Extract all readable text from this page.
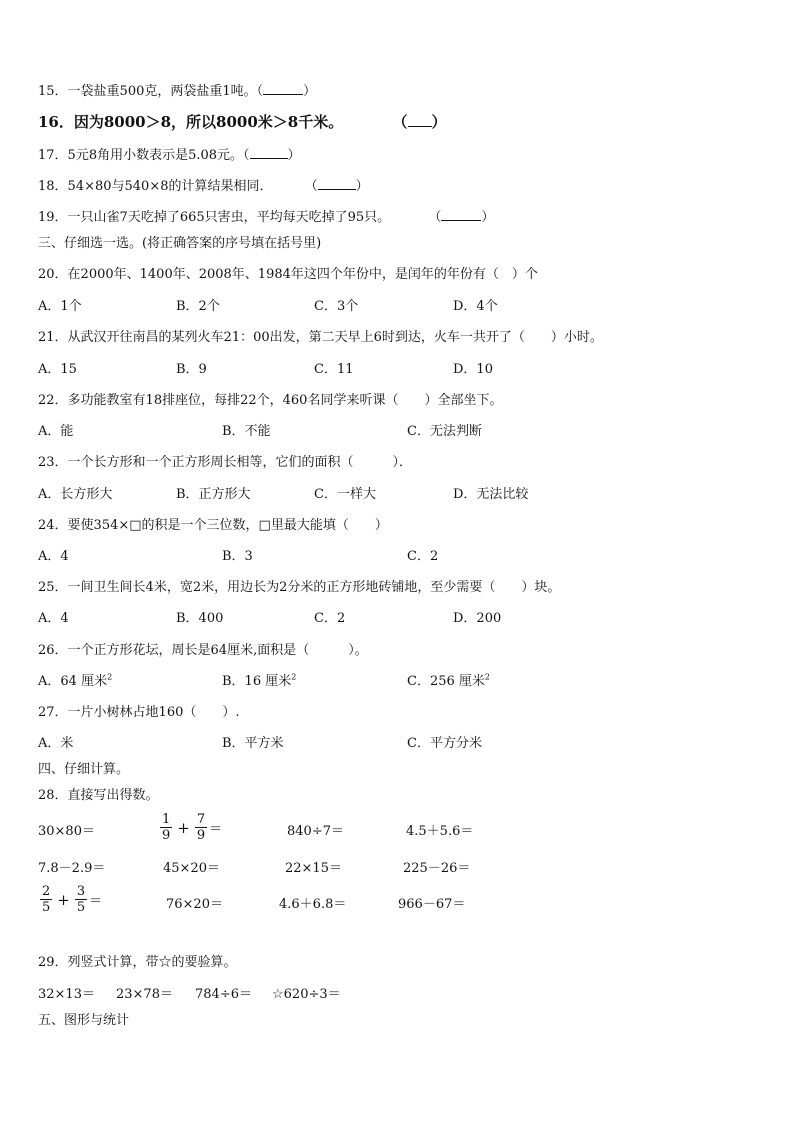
15．一袋盐重500克，两袋盐重1吨。（	）
16．因为8000＞8，所以8000米＞8千米。	（ ）
17．5元8角用小数表示是5.08元。（	）
18．54×80与540×8的计算结果相同． （	）
19．一只山雀7天吃掉了665只害虫，平均每天吃掉了95只。	（	）
三、仔细选一选。(将正确答案的序号填在括号里)
20．在2000年、1400年、2008年、1984年这四个年份中，是闰年的年份有（　）个
A．1个	B．2个	C．3个	D．4个
21．从武汉开往南昌的某列火车21：00出发，第二天早上6时到达，火车一共开了（　　）小时。
A．15	B．9	C．11	D．10
22．多功能教室有18排座位，每排22个，460名同学来听课（　　）全部坐下。
A．能	B．不能	C．无法判断
23．一个长方形和一个正方形周长相等，它们的面积（　　　）．
A．长方形大	B．正方形大	C．一样大	D．无法比较
24．要使354×□的积是一个三位数，□里最大能填（　　）
A．4	B．3	C．2
25．一间卫生间长4米，宽2米，用边长为2分米的正方形地砖铺地，至少需要（　　）块。
A．4	B．400	C．2	D．200
26．一个正方形花坛，周长是64厘米,面积是（　　　）。
A．64 厘米$^2$	B．16 厘米$^2$	C．256 厘米$^2$
27．一片小树林占地160（　　）.
A．米	B．平方米	C．平方分米
四、仔细计算。
28．直接写出得数。
30×80＝	$\frac{1}{9} + \frac{7}{9}$ ＝	840÷7＝	4.5＋5.6＝
7.8－2.9＝	45×20＝	22×15＝	225－26＝
$\frac{2}{5} + \frac{3}{5}$ ＝	76×20＝	4.6＋6.8＝	966－67＝
29．列竖式计算，带☆的要验算。
32×13＝ 23×78＝ 784÷6＝ ☆620÷3＝
五、图形与统计
